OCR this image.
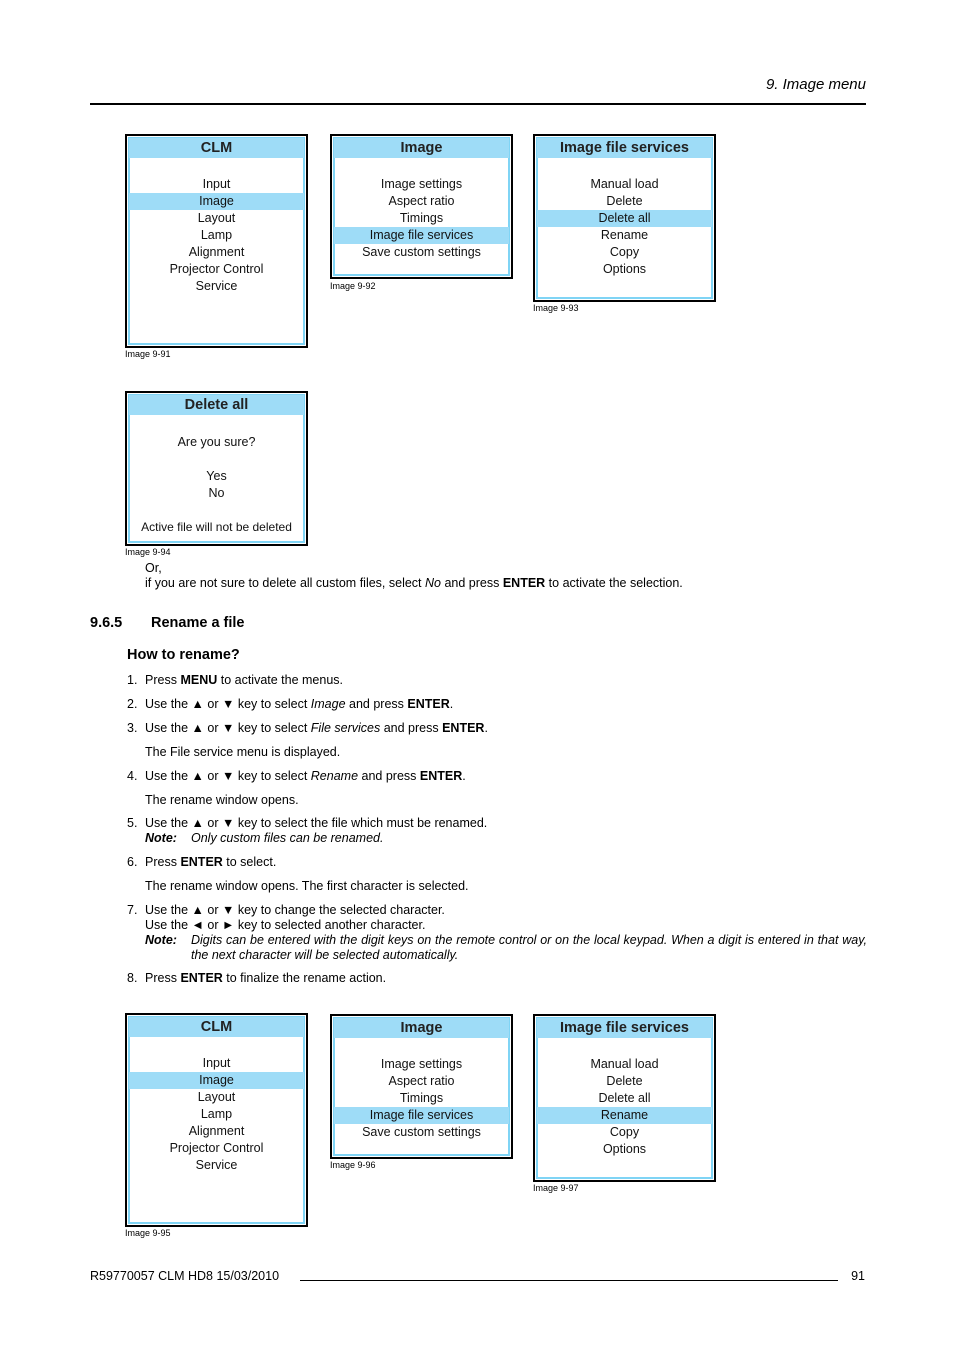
9. Image menu
CLM
Input
Image
Layout
Lamp
Alignment
Projector Control
Service
Image 9-91
Image
Image settings
Aspect ratio
Timings
Image file services
Save custom settings
Image 9-92
Image file services
Manual load
Delete
Delete all
Rename
Copy
Options
Image 9-93
Delete all
Are you sure?
Yes
No
Active file will not be deleted
Image 9-94
Or,
if you are not sure to delete all custom files, select No and press ENTER to activate the selection.
9.6.5 Rename a file
How to rename?
1. Press MENU to activate the menus.
2. Use the ▲ or ▼ key to select Image and press ENTER.
3. Use the ▲ or ▼ key to select File services and press ENTER.
The File service menu is displayed.
4. Use the ▲ or ▼ key to select Rename and press ENTER.
The rename window opens.
5. Use the ▲ or ▼ key to select the file which must be renamed.
Note: Only custom files can be renamed.
6. Press ENTER to select.
The rename window opens. The first character is selected.
7. Use the ▲ or ▼ key to change the selected character.
Use the ◄ or ► key to selected another character.
Note: Digits can be entered with the digit keys on the remote control or on the local keypad. When a digit is entered in that way, the next character will be selected automatically.
8. Press ENTER to finalize the rename action.
CLM
Input
Image
Layout
Lamp
Alignment
Projector Control
Service
Image 9-95
Image
Image settings
Aspect ratio
Timings
Image file services
Save custom settings
Image 9-96
Image file services
Manual load
Delete
Delete all
Rename
Copy
Options
Image 9-97
R59770057 CLM HD8 15/03/2010	91
